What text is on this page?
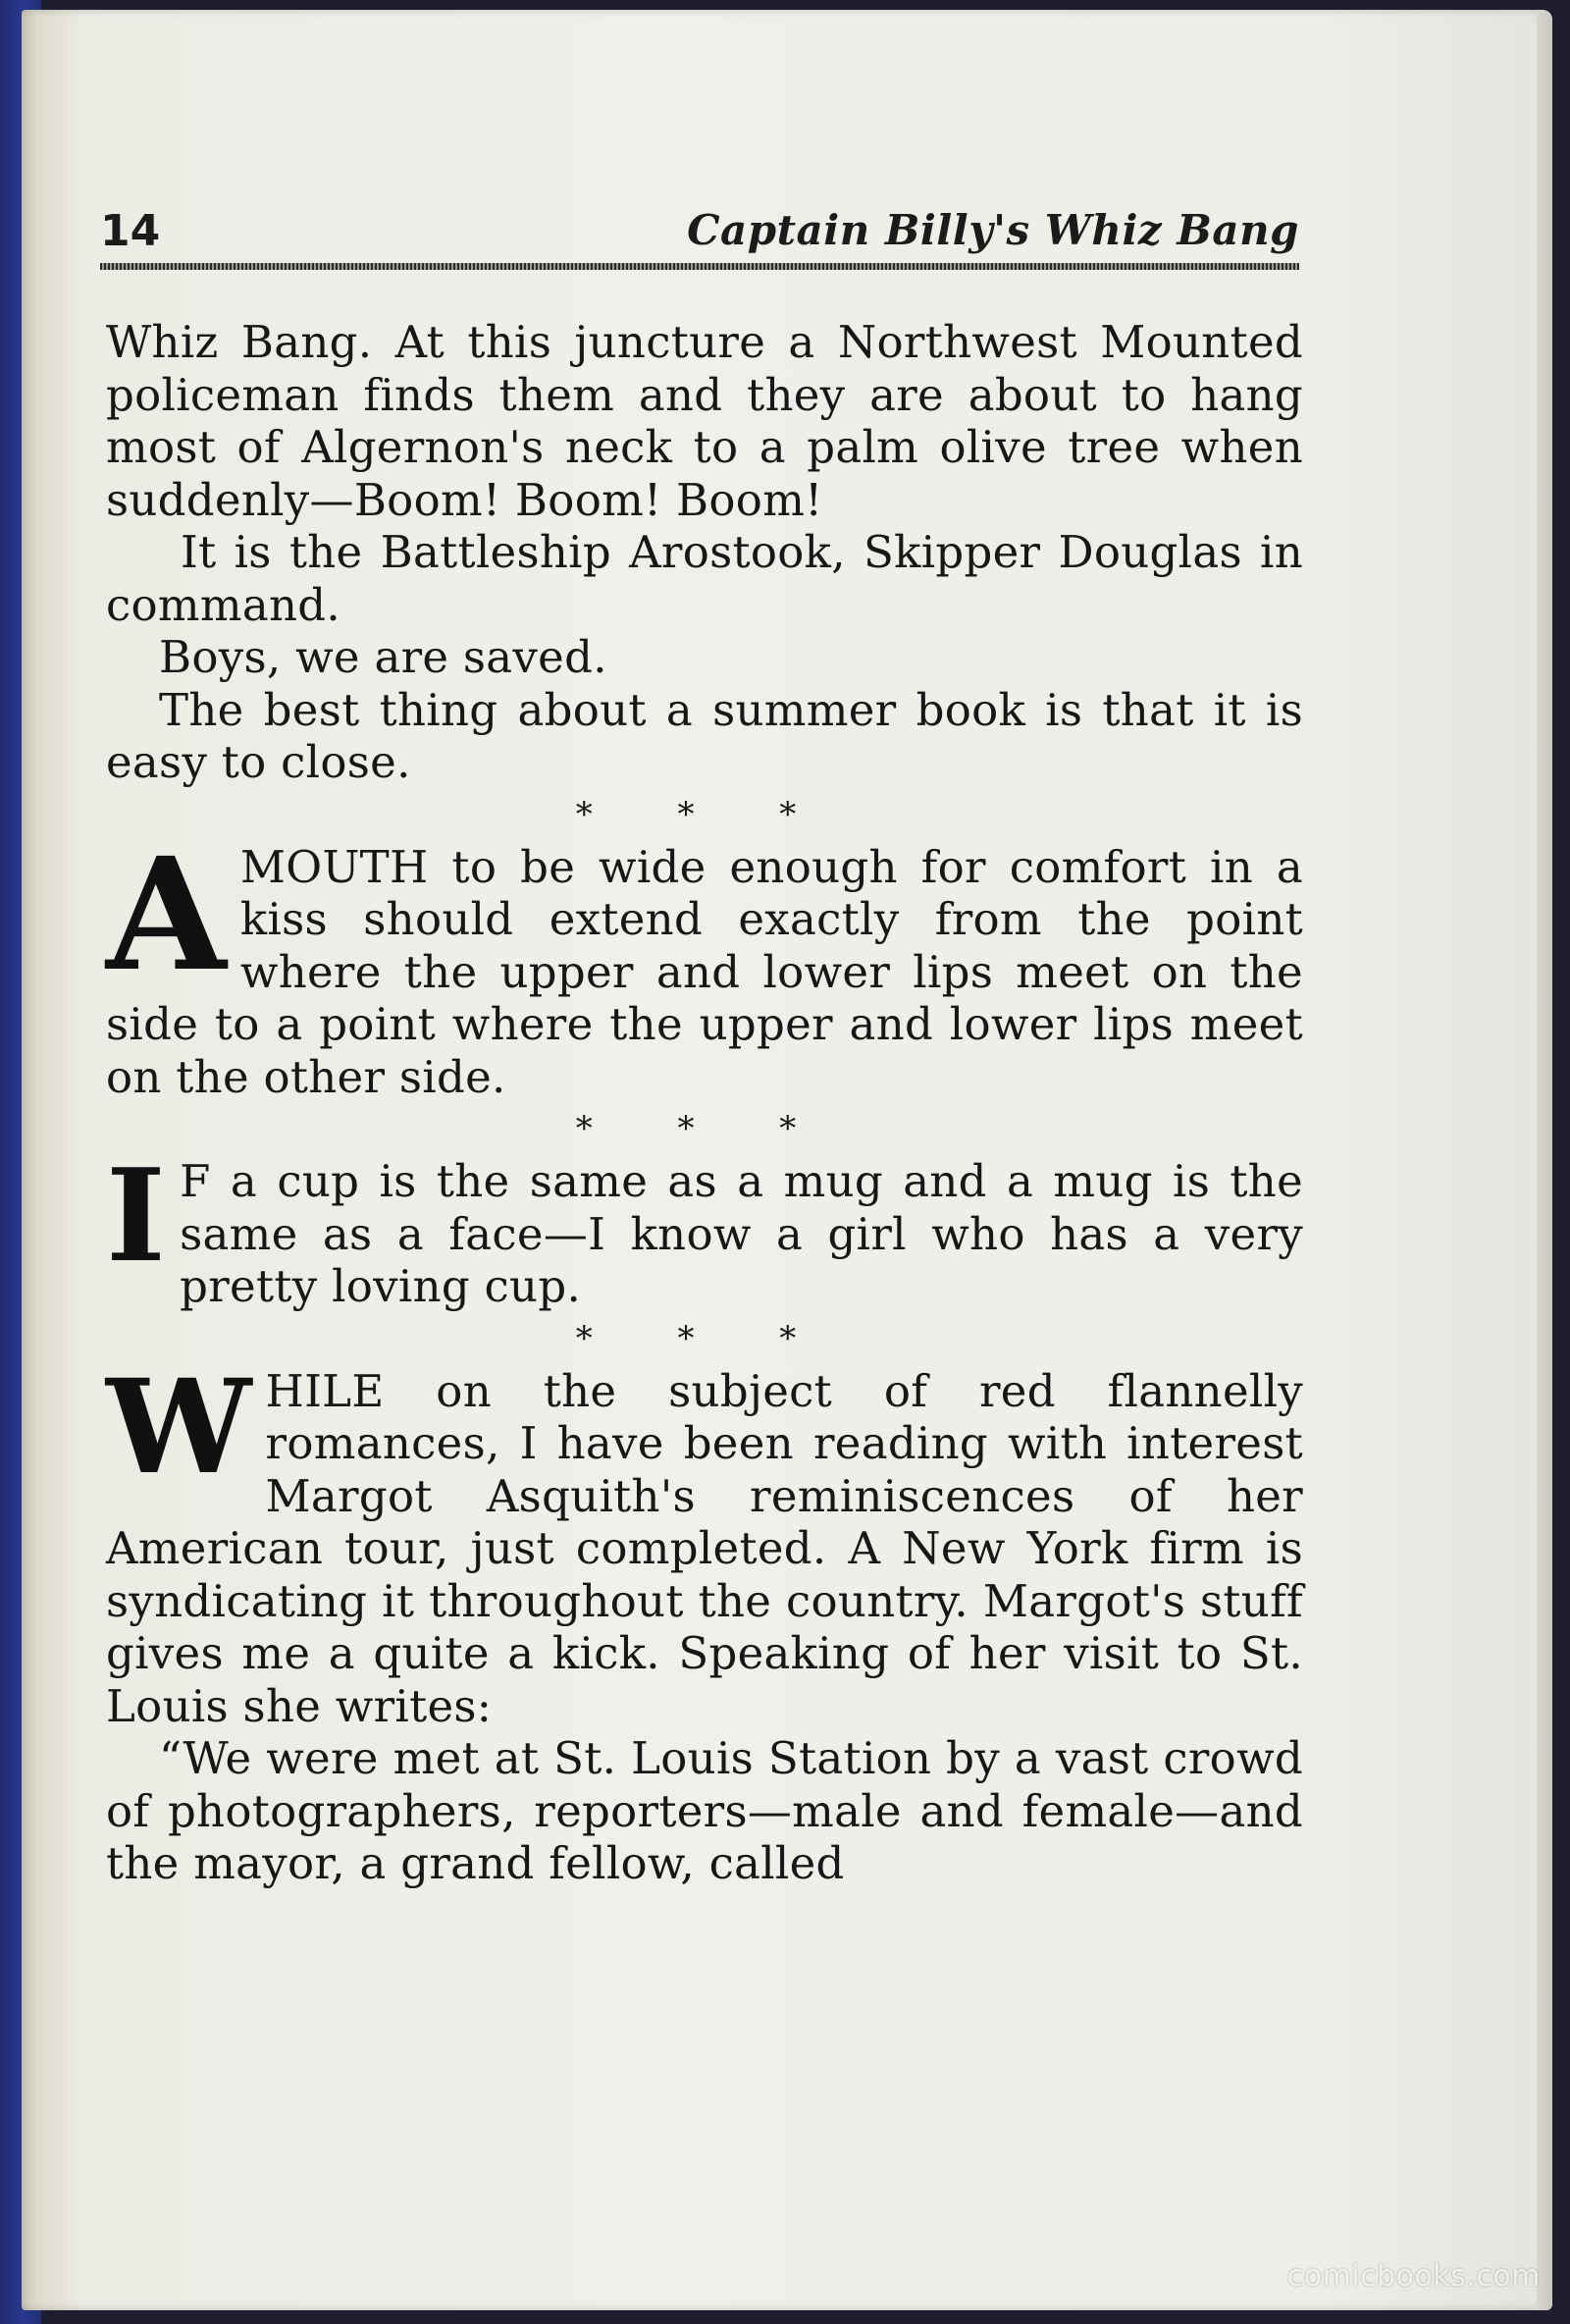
14	Captain Billy's Whiz Bang

Whiz Bang. At this juncture a Northwest Mounted policeman finds them and they are about to hang most of Algernon's neck to a palm olive tree when suddenly—Boom! Boom! Boom!

It is the Battleship Arostook, Skipper Douglas in command.

Boys, we are saved.

The best thing about a summer book is that it is easy to close.

* * *

AMOUTH to be wide enough for comfort in a kiss should extend exactly from the point where the upper and lower lips meet on the side to a point where the upper and lower lips meet on the other side.

* * *

I F a cup is the same as a mug and a mug is the same as a face—I know a girl who has a very pretty loving cup.

* * *

WHILE on the subject of red flannelly romances, I have been reading with interest Margot Asquith's reminiscences of her American tour, just completed. A New York firm is syndicating it throughout the country. Margot's stuff gives me a quite a kick. Speaking of her visit to St. Louis she writes:

“We were met at St. Louis Station by a vast crowd of photographers, reporters—male and female—and the mayor, a grand fellow, called

comicbooks.com
